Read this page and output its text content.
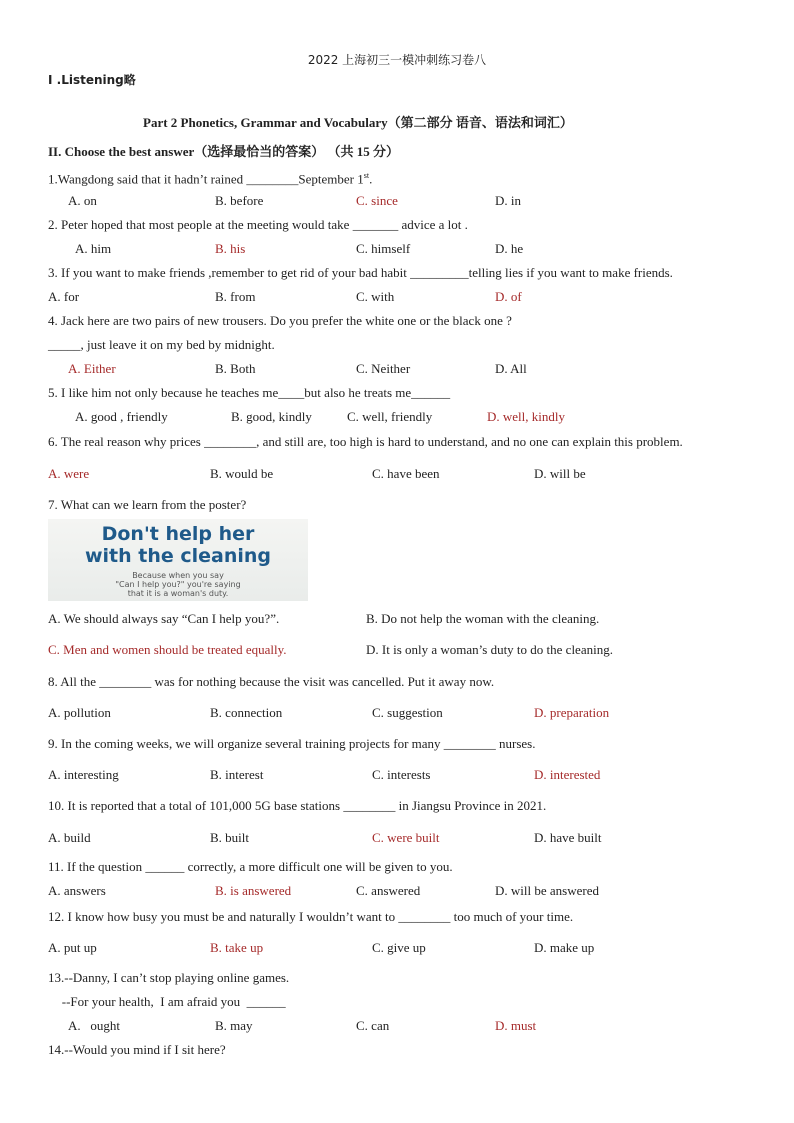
2022 上海初三一模冲刺练习卷八
I .Listening略
Part 2 Phonetics, Grammar and Vocabulary（第二部分 语音、语法和词汇）
II. Choose the best answer（选择最恰当的答案） （共 15 分）
1.Wangdong said that it hadn’t rained ________September 1st.
A. on	B. before	C. since	D. in
2. Peter hoped that most people at the meeting would take _______ advice a lot .
A. him	B. his	C. himself	D. he
3. If you want to make friends ,remember to get rid of your bad habit _________telling lies if you want to make friends.
A. for	B. from	C. with	D. of
4. Jack here are two pairs of new trousers. Do you prefer the white one or the black one ?
_____, just leave it on my bed by midnight.
A. Either	B. Both	C. Neither	D. All
5. I like him not only because he teaches me____but also he treats me______
A. good , friendly	B. good, kindly	C. well, friendly	D. well, kindly
6. The real reason why prices ________, and still are, too high is hard to understand, and no one can explain this problem.
A. were	B. would be	C. have been	D. will be
7. What can we learn from the poster?
Don't help her
with the cleaning
Because when you say
"Can I help you?" you're saying
that it is a woman's duty.
A. We should always say “Can I help you?”.	B. Do not help the woman with the cleaning.
C. Men and women should be treated equally.	D. It is only a woman’s duty to do the cleaning.
8. All the ________ was for nothing because the visit was cancelled. Put it away now.
A. pollution	B. connection	C. suggestion	D. preparation
9. In the coming weeks, we will organize several training projects for many ________ nurses.
A. interesting	B. interest	C. interests	D. interested
10. It is reported that a total of 101,000 5G base stations ________ in Jiangsu Province in 2021.
A. build	B. built	C. were built	D. have built
11. If the question ______ correctly, a more difficult one will be given to you.
A. answers	B. is answered	C. answered	D. will be answered
12. I know how busy you must be and naturally I wouldn’t want to ________ too much of your time.
A. put up	B. take up	C. give up	D. make up
13.--Danny, I can’t stop playing online games.
--For your health,  I am afraid you  ______
A.   ought	B. may	C. can	D. must
14.--Would you mind if I sit here?
